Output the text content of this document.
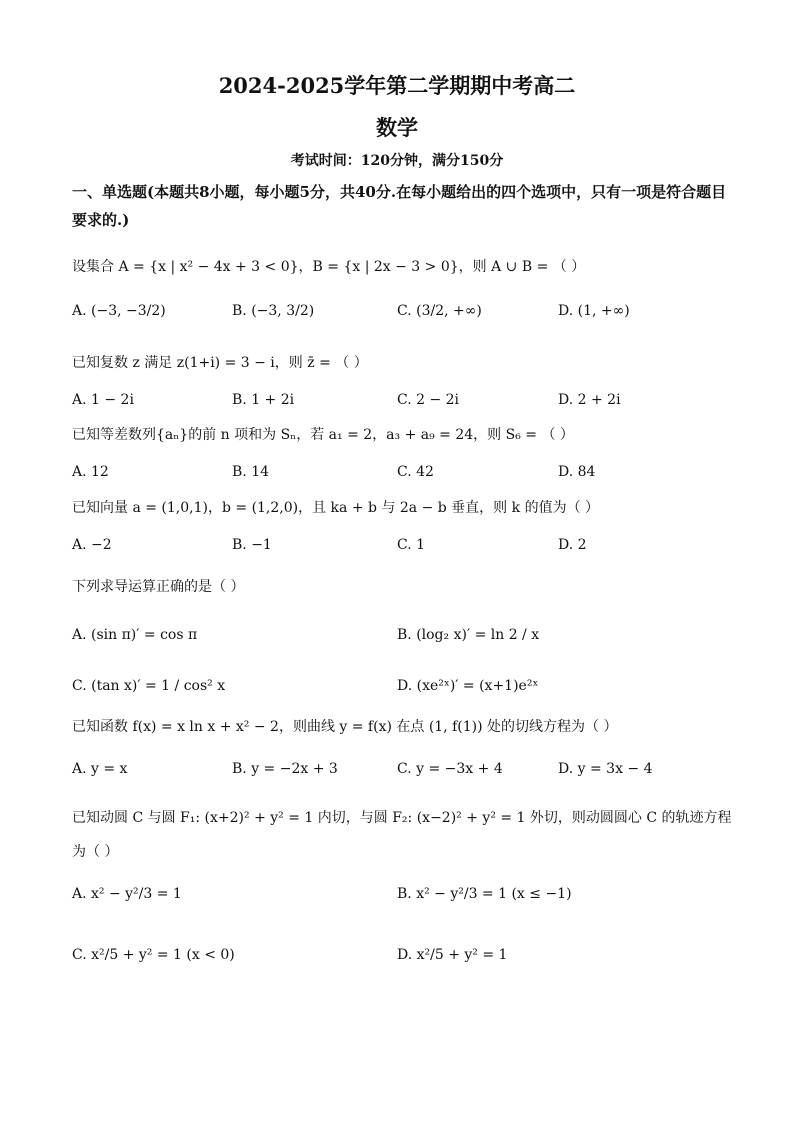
2024-2025学年第二学期期中考高二
数学
考试时间：120分钟，满分150分
一、单选题(本题共8小题，每小题5分，共40分.在每小题给出的四个选项中，只有一项是符合题目要求的.)
设集合 A = {x | x² − 4x + 3 < 0}，B = {x | 2x − 3 > 0}，则 A ∪ B = （ ）
A. (−3, −3/2)	B. (−3, 3/2)	C. (3/2, +∞)	D. (1, +∞)
已知复数 z 满足 z(1+i) = 3 − i，则 z̄ = （ ）
A. 1 − 2i	B. 1 + 2i	C. 2 − 2i	D. 2 + 2i
已知等差数列{aₙ}的前 n 项和为 Sₙ，若 a₁ = 2，a₃ + a₉ = 24，则 S₆ = （ ）
A. 12	B. 14	C. 42	D. 84
已知向量 a = (1,0,1)，b = (1,2,0)，且 ka + b 与 2a − b 垂直，则 k 的值为（ ）
A. −2	B. −1	C. 1	D. 2
下列求导运算正确的是（ ）
A. (sin π)′ = cos π	B. (log₂ x)′ = ln 2 / x
C. (tan x)′ = 1 / cos² x	D. (xe²ˣ)′ = (x+1)e²ˣ
已知函数 f(x) = x ln x + x² − 2，则曲线 y = f(x) 在点 (1, f(1)) 处的切线方程为（ ）
A. y = x	B. y = −2x + 3	C. y = −3x + 4	D. y = 3x − 4
已知动圆 C 与圆 F₁: (x+2)² + y² = 1 内切，与圆 F₂: (x−2)² + y² = 1 外切，则动圆圆心 C 的轨迹方程为（ ）
A. x² − y²/3 = 1	B. x² − y²/3 = 1 (x ≤ −1)
C. x²/5 + y² = 1 (x < 0)	D. x²/5 + y² = 1
